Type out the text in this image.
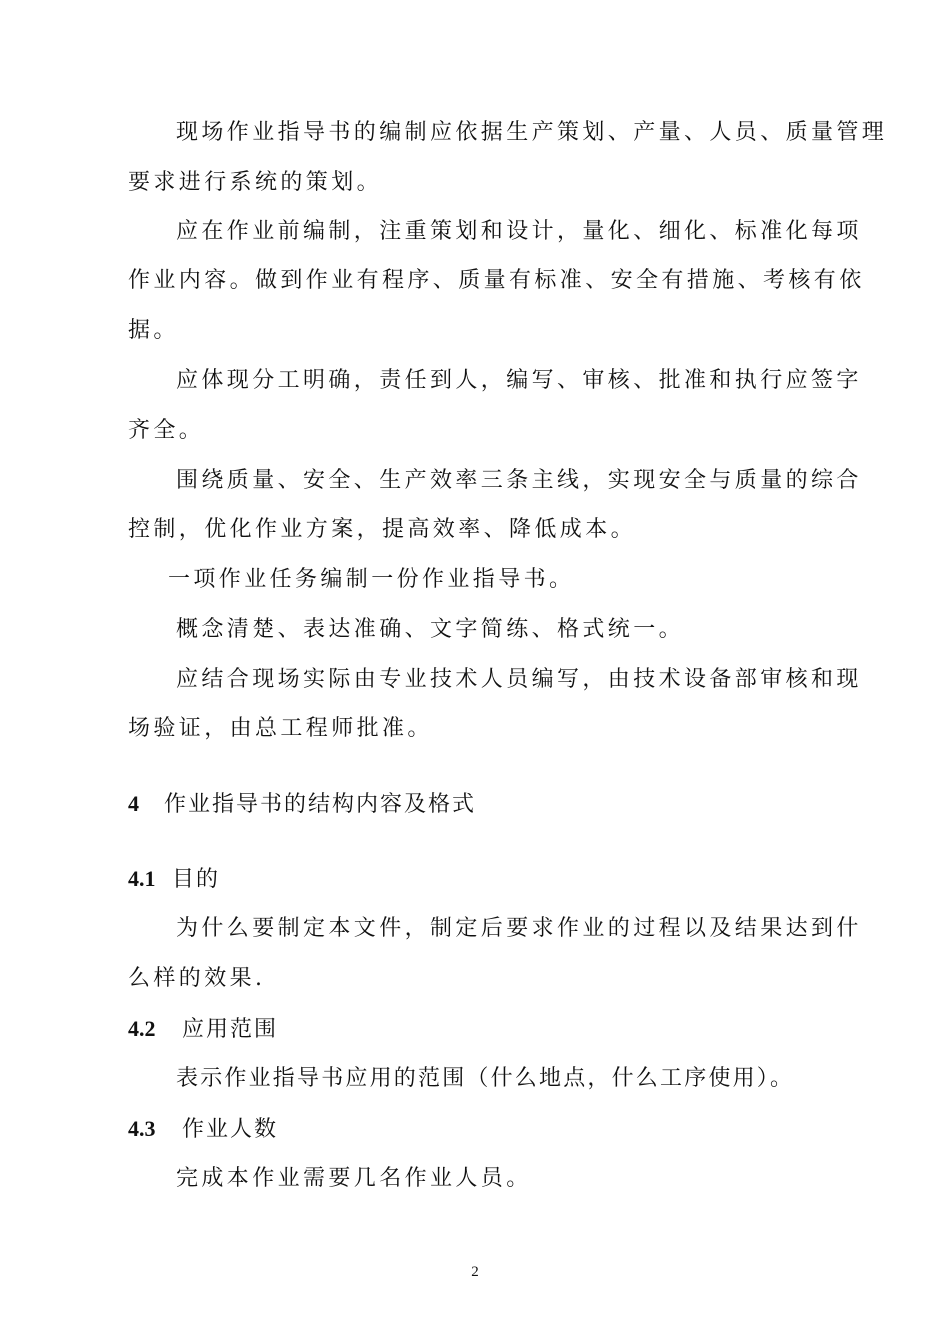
现场作业指导书的编制应依据生产策划、产量、人员、质量管理
要求进行系统的策划。
应在作业前编制，注重策划和设计，量化、细化、标准化每项
作业内容。做到作业有程序、质量有标准、安全有措施、考核有依
据。
应体现分工明确，责任到人，编写、审核、批准和执行应签字
齐全。
围绕质量、安全、生产效率三条主线，实现安全与质量的综合
控制，优化作业方案，提高效率、降低成本。
一项作业任务编制一份作业指导书。
概念清楚、表达准确、文字简练、格式统一。
应结合现场实际由专业技术人员编写，由技术设备部审核和现
场验证，由总工程师批准。
4 作业指导书的结构内容及格式
4.1 目的
为什么要制定本文件，制定后要求作业的过程以及结果达到什
么样的效果.
4.2 应用范围
表示作业指导书应用的范围（什么地点，什么工序使用）。
4.3 作业人数
完成本作业需要几名作业人员。
2
